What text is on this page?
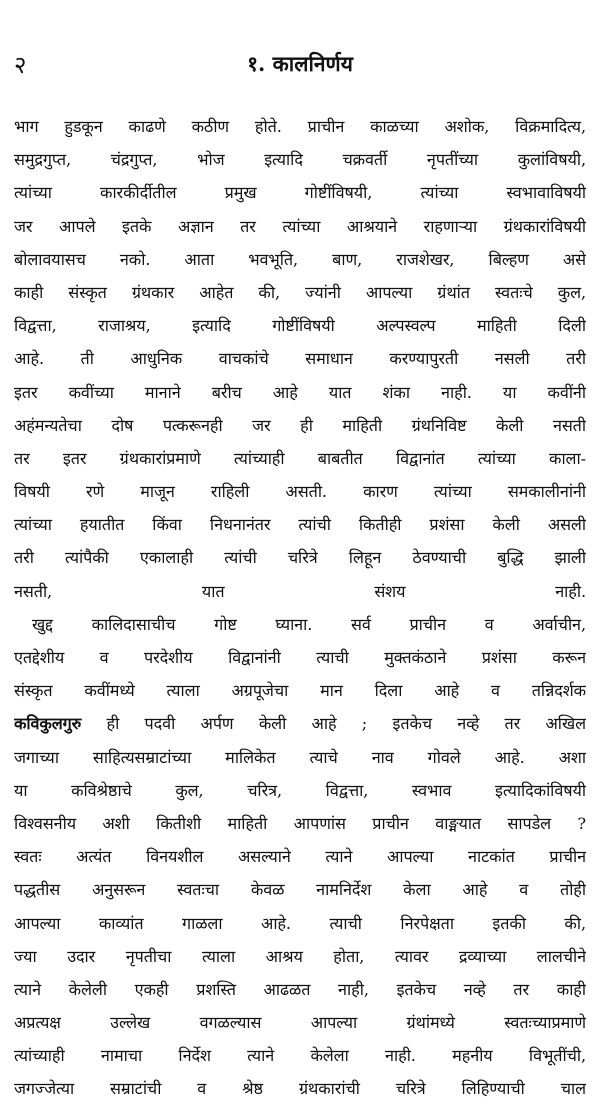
२	१. कालनिर्णय
भाग हुडकून काढणे कठीण होते. प्राचीन काळच्या अशोक, विक्रमादित्य,
समुद्रगुप्त, चंद्रगुप्त, भोज इत्यादि चक्रवर्ती नृपतींच्या कुलांविषयी,
त्यांच्या कारकीर्दीतील प्रमुख गोष्टींविषयी, त्यांच्या स्वभावाविषयी
जर आपले इतके अज्ञान तर त्यांच्या आश्रयाने राहणाऱ्या ग्रंथकारांविषयी
बोलावयासच नको. आता भवभूति, बाण, राजशेखर, बिल्हण असे
काही संस्कृत ग्रंथकार आहेत की, ज्यांनी आपल्या ग्रंथांत स्वतःचे कुल,
विद्वत्ता, राजाश्रय, इत्यादि गोष्टींविषयी अल्पस्वल्प माहिती दिली
आहे. ती आधुनिक वाचकांचे समाधान करण्यापुरती नसली तरी
इतर कवींच्या मानाने बरीच आहे यात शंका नाही. या कवींनी
अहंमन्यतेचा दोष पत्करूनही जर ही माहिती ग्रंथनिविष्ट केली नसती
तर इतर ग्रंथकारांप्रमाणे त्यांच्याही बाबतीत विद्वानांत त्यांच्या काला-
विषयी रणे माजून राहिली असती. कारण त्यांच्या समकालीनांनी
त्यांच्या हयातीत किंवा निधनानंतर त्यांची कितीही प्रशंसा केली असली
तरी त्यांपैकी एकालाही त्यांची चरित्रे लिहून ठेवण्याची बुद्धि झाली
नसती, यात संशय नाही.
खुद्द कालिदासाचीच गोष्ट घ्याना. सर्व प्राचीन व अर्वाचीन,
एतद्देशीय व परदेशीय विद्वानांनी त्याची मुक्तकंठाने प्रशंसा करून
संस्कृत कवींमध्ये त्याला अग्रपूजेचा मान दिला आहे व तन्निदर्शक
कविकुलगुरु ही पदवी अर्पण केली आहे ; इतकेच नव्हे तर अखिल
जगाच्या साहित्यसम्राटांच्या मालिकेत त्याचे नाव गोवले आहे. अशा
या कविश्रेष्ठाचे कुल, चरित्र, विद्वत्ता, स्वभाव इत्यादिकांविषयी
विश्वसनीय अशी कितीशी माहिती आपणांस प्राचीन वाङ्मयात सापडेल ?
स्वतः अत्यंत विनयशील असल्याने त्याने आपल्या नाटकांत प्राचीन
पद्धतीस अनुसरून स्वतःचा केवळ नामनिर्देश केला आहे व तोही
आपल्या काव्यांत गाळला आहे. त्याची निरपेक्षता इतकी की,
ज्या उदार नृपतीचा त्याला आश्रय होता, त्यावर द्रव्याच्या लालचीने
त्याने केलेली एकही प्रशस्ति आढळत नाही, इतकेच नव्हे तर काही
अप्रत्यक्ष उल्लेख वगळल्यास आपल्या ग्रंथांमध्ये स्वतःच्याप्रमाणे
त्यांच्याही नामाचा निर्देश त्याने केलेला नाही. महनीय विभूतींची,
जगज्जेत्या सम्राटांची व श्रेष्ठ ग्रंथकारांची चरित्रे लिहिण्याची चाल
